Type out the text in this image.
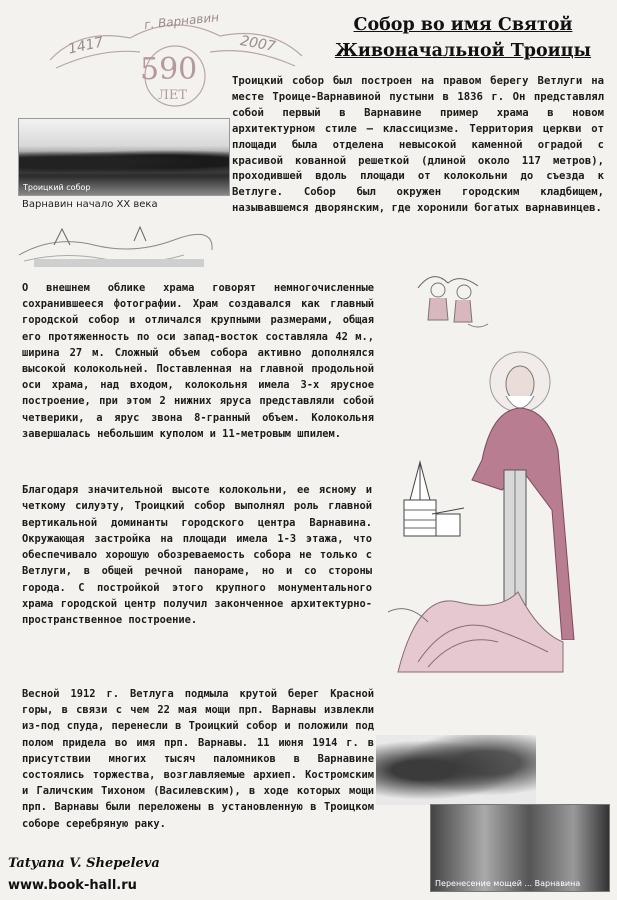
г. Варнавин
1417	2007
590
ЛЕТ
Собор во имя Святой
Живоначальной Троицы
Троицкий собор
Варнавин начало XX века
Троицкий собор был построен на правом берегу Ветлуги на месте Троице-Варнавиной пустыни в 1836 г. Он представлял собой первый в Варнавине пример храма в новом архитектурном стиле – классицизме. Территория церкви от площади была отделена невысокой каменной оградой с красивой кованной решеткой (длиной около 117 метров), проходившей вдоль площади от колокольни до съезда к Ветлуге. Собор был окружен городским кладбищем, называвшемся дворянским, где хоронили богатых варнавинцев.
О внешнем облике храма говорят немногочисленные сохранившееся фотографии. Храм создавался как главный городской собор и отличался крупными размерами, общая его протяженность по оси запад-восток составляла 42 м., ширина 27 м. Сложный объем собора активно дополнялся высокой колокольней. Поставленная на главной продольной оси храма, над входом, колокольня имела 3-х ярусное построение, при этом 2 нижних яруса представляли собой четверики, а ярус звона 8-гранный объем. Колокольня завершалась небольшим куполом и 11-метровым шпилем.
Благодаря значительной высоте колокольни, ее ясному и четкому силуэту, Троицкий собор выполнял роль главной вертикальной доминанты городского центра Варнавина. Окружающая застройка на площади имела 1-3 этажа, что обеспечивало хорошую обозреваемость собора не только с Ветлуги, в общей речной панораме, но и со стороны города. С постройкой этого крупного монументального храма городской центр получил законченное архитектурно-пространственное построение.
Весной 1912 г. Ветлуга подмыла крутой берег Красной горы, в связи с чем 22 мая мощи прп. Варнавы извлекли из-под спуда, перенесли в Троицкий собор и положили под полом придела во имя прп. Варнавы. 11 июня 1914 г. в присутствии многих тысяч паломников в Варнавине состоялись торжества, возглавляемые архиеп. Костромским и Галичским Тихоном (Василевским), в ходе которых мощи прп. Варнавы были переложены в установленную в Троицком соборе серебряную раку.
Перенесение мощей ... Варнавина
Tatyana V. Shepeleva
www.book-hall.ru
